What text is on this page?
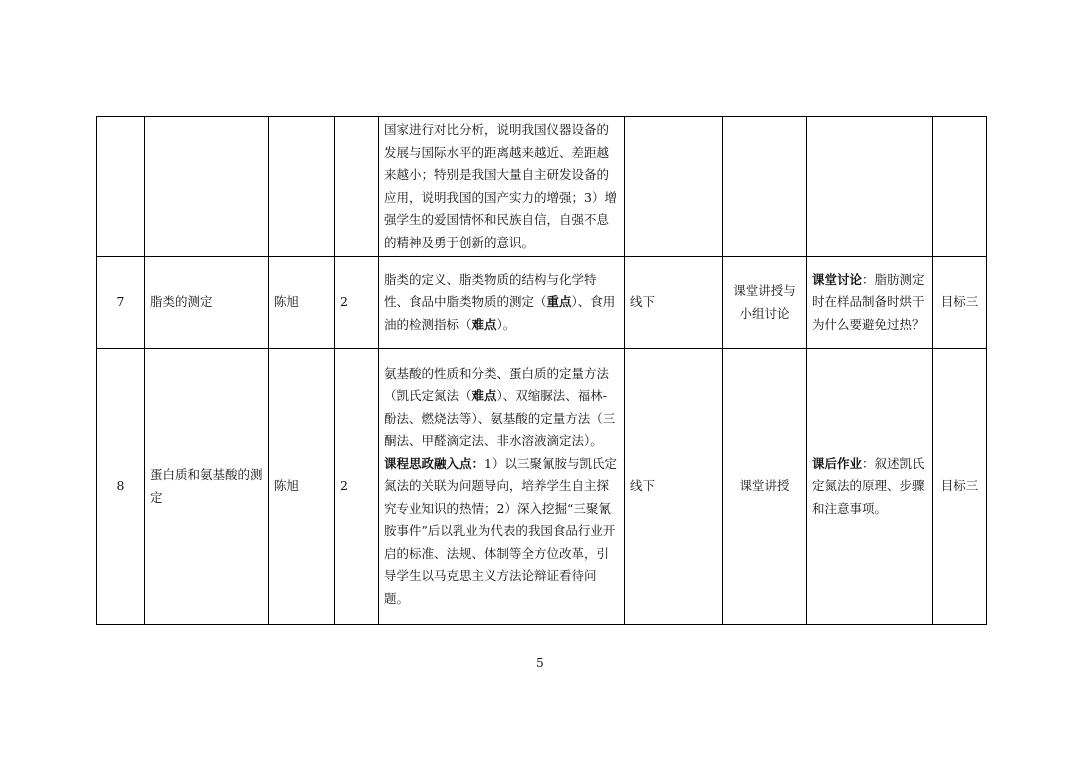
				国家进行对比分析，说明我国仪器设备的发展与国际水平的距离越来越近、差距越来越小；特别是我国大量自主研发设备的应用，说明我国的国产实力的增强；3）增强学生的爱国情怀和民族自信，自强不息的精神及勇于创新的意识。				

7	脂类的测定	陈旭	2	脂类的定义、脂类物质的结构与化学特性、食品中脂类物质的测定（重点）、食用油的检测指标（难点）。	线下	课堂讲授与小组讨论	课堂讨论：脂肪测定时在样品制备时烘干为什么要避免过热？	目标三
8	蛋白质和氨基酸的测定	陈旭	2	氨基酸的性质和分类、蛋白质的定量方法（凯氏定氮法（难点）、双缩脲法、福林-酚法、燃烧法等）、氨基酸的定量方法（三酮法、甲醛滴定法、非水溶液滴定法）。

课程思政融入点：1）以三聚氰胺与凯氏定氮法的关联为问题导向，培养学生自主探究专业知识的热情；2）深入挖掘“三聚氰胺事件”后以乳业为代表的我国食品行业开启的标准、法规、体制等全方位改革，引导学生以马克思主义方法论辩证看待问题。	线下	课堂讲授	课后作业：叙述凯氏定氮法的原理、步骤和注意事项。	目标三
5
